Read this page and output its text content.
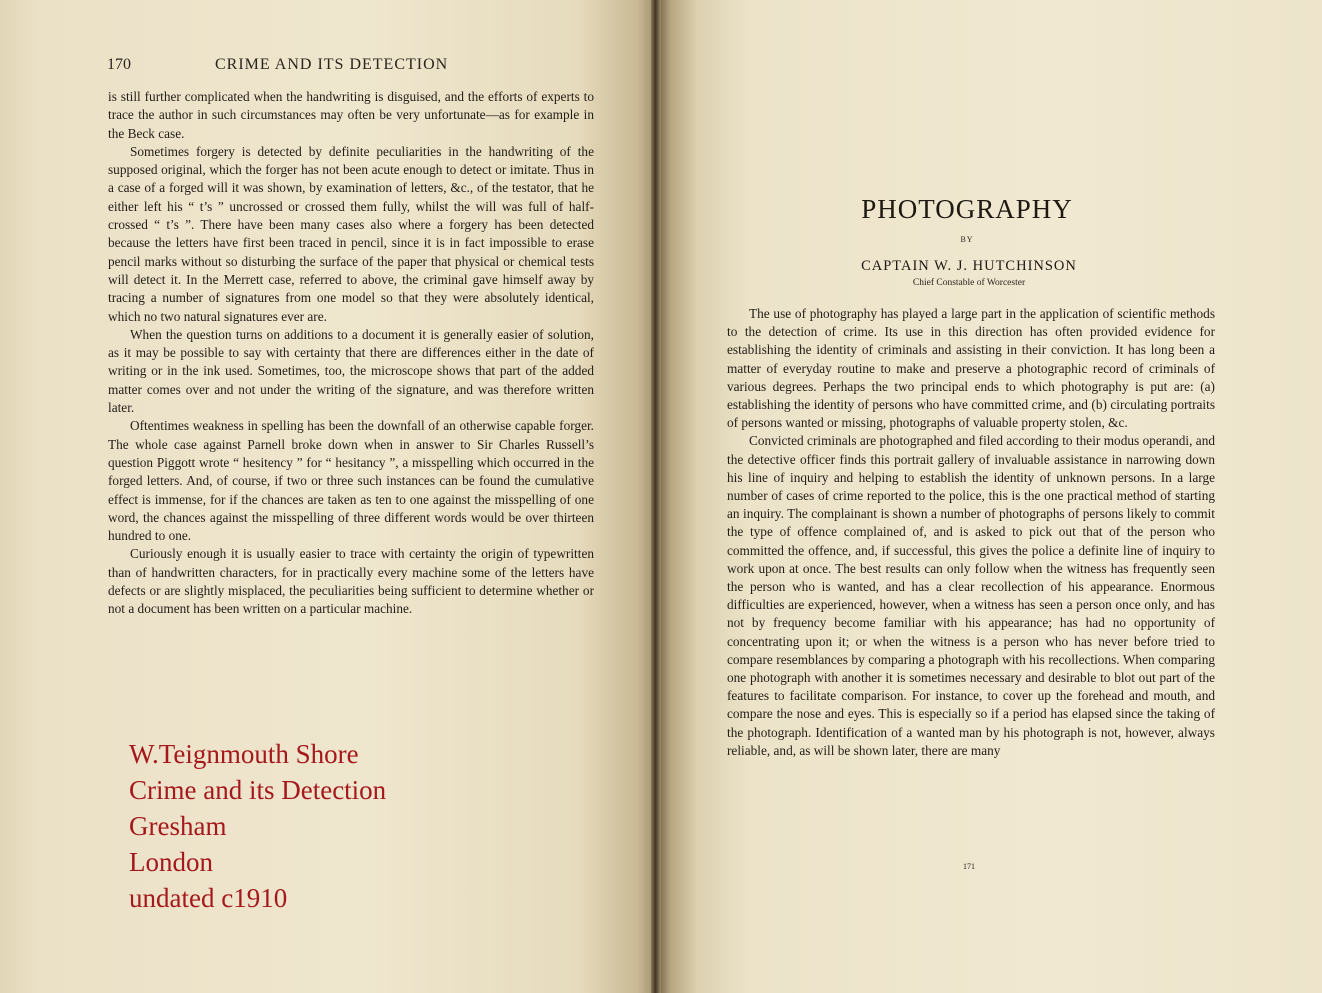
170	CRIME AND ITS DETECTION

is still further complicated when the handwriting is disguised, and the efforts of experts to trace the author in such circumstances may often be very unfortunate—as for example in the Beck case.

Sometimes forgery is detected by definite peculiarities in the handwriting of the supposed original, which the forger has not been acute enough to detect or imitate. Thus in a case of a forged will it was shown, by examination of letters, &c., of the testator, that he either left his “ t’s ” uncrossed or crossed them fully, whilst the will was full of half-crossed “ t’s ”. There have been many cases also where a forgery has been detected because the letters have first been traced in pencil, since it is in fact impossible to erase pencil marks without so disturbing the surface of the paper that physical or chemical tests will detect it. In the Merrett case, referred to above, the criminal gave himself away by tracing a number of signatures from one model so that they were absolutely identical, which no two natural signatures ever are.

When the question turns on additions to a document it is generally easier of solution, as it may be possible to say with certainty that there are differences either in the date of writing or in the ink used. Sometimes, too, the microscope shows that part of the added matter comes over and not under the writing of the signature, and was therefore written later.

Oftentimes weakness in spelling has been the downfall of an otherwise capable forger. The whole case against Parnell broke down when in answer to Sir Charles Russell’s question Piggott wrote “ hesitency ” for “ hesitancy ”, a misspelling which occurred in the forged letters. And, of course, if two or three such instances can be found the cumulative effect is immense, for if the chances are taken as ten to one against the misspelling of one word, the chances against the misspelling of three different words would be over thirteen hundred to one.

Curiously enough it is usually easier to trace with certainty the origin of typewritten than of handwritten characters, for in practically every machine some of the letters have defects or are slightly misplaced, the peculiarities being sufficient to determine whether or not a document has been written on a particular machine.

W.Teignmouth Shore
Crime and its Detection
Gresham
London
undated c1910
PHOTOGRAPHY
BY
CAPTAIN W. J. HUTCHINSON
Chief Constable of Worcester

The use of photography has played a large part in the application of scientific methods to the detection of crime. Its use in this direction has often provided evidence for establishing the identity of criminals and assisting in their conviction. It has long been a matter of everyday routine to make and preserve a photographic record of criminals of various degrees. Perhaps the two principal ends to which photography is put are: (a) establishing the identity of persons who have committed crime, and (b) circulating portraits of persons wanted or missing, photographs of valuable property stolen, &c.

Convicted criminals are photographed and filed according to their modus operandi, and the detective officer finds this portrait gallery of invaluable assistance in narrowing down his line of inquiry and helping to establish the identity of unknown persons. In a large number of cases of crime reported to the police, this is the one practical method of starting an inquiry. The complainant is shown a number of photographs of persons likely to commit the type of offence complained of, and is asked to pick out that of the person who committed the offence, and, if successful, this gives the police a definite line of inquiry to work upon at once. The best results can only follow when the witness has frequently seen the person who is wanted, and has a clear recollection of his appearance. Enormous difficulties are experienced, however, when a witness has seen a person once only, and has not by frequency become familiar with his appearance; has had no opportunity of concentrating upon it; or when the witness is a person who has never before tried to compare resemblances by comparing a photograph with his recollections. When comparing one photograph with another it is sometimes necessary and desirable to blot out part of the features to facilitate comparison. For instance, to cover up the forehead and mouth, and compare the nose and eyes. This is especially so if a period has elapsed since the taking of the photograph. Identification of a wanted man by his photograph is not, however, always reliable, and, as will be shown later, there are many

171
